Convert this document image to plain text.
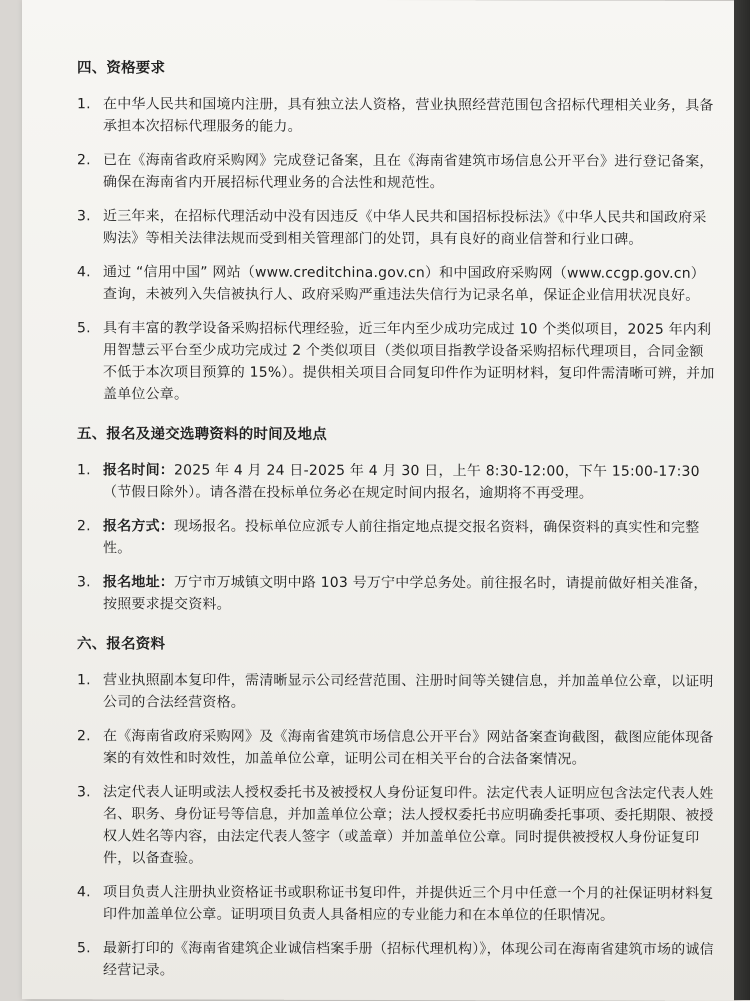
四、资格要求
1. 在中华人民共和国境内注册，具有独立法人资格，营业执照经营范围包含招标代理相关业务，具备承担本次招标代理服务的能力。
2. 已在《海南省政府采购网》完成登记备案，且在《海南省建筑市场信息公开平台》进行登记备案，确保在海南省内开展招标代理业务的合法性和规范性。
3. 近三年来，在招标代理活动中没有因违反《中华人民共和国招标投标法》《中华人民共和国政府采购法》等相关法律法规而受到相关管理部门的处罚，具有良好的商业信誉和行业口碑。
4. 通过 “信用中国” 网站（www.creditchina.gov.cn）和中国政府采购网（www.ccgp.gov.cn）查询，未被列入失信被执行人、政府采购严重违法失信行为记录名单，保证企业信用状况良好。
5. 具有丰富的教学设备采购招标代理经验，近三年内至少成功完成过 10 个类似项目，2025 年内利用智慧云平台至少成功完成过 2 个类似项目（类似项目指教学设备采购招标代理项目，合同金额不低于本次项目预算的 15%）。提供相关项目合同复印件作为证明材料，复印件需清晰可辨，并加盖单位公章。
五、报名及递交选聘资料的时间及地点
1. 报名时间：2025 年 4 月 24 日-2025 年 4 月 30 日，上午 8:30-12:00，下午 15:00-17:30（节假日除外）。请各潜在投标单位务必在规定时间内报名，逾期将不再受理。
2. 报名方式：现场报名。投标单位应派专人前往指定地点提交报名资料，确保资料的真实性和完整性。
3. 报名地址：万宁市万城镇文明中路 103 号万宁中学总务处。前往报名时，请提前做好相关准备，按照要求提交资料。
六、报名资料
1. 营业执照副本复印件，需清晰显示公司经营范围、注册时间等关键信息，并加盖单位公章，以证明公司的合法经营资格。
2. 在《海南省政府采购网》及《海南省建筑市场信息公开平台》网站备案查询截图，截图应能体现备案的有效性和时效性，加盖单位公章，证明公司在相关平台的合法备案情况。
3. 法定代表人证明或法人授权委托书及被授权人身份证复印件。法定代表人证明应包含法定代表人姓名、职务、身份证号等信息，并加盖单位公章；法人授权委托书应明确委托事项、委托期限、被授权人姓名等内容，由法定代表人签字（或盖章）并加盖单位公章。同时提供被授权人身份证复印件，以备查验。
4. 项目负责人注册执业资格证书或职称证书复印件，并提供近三个月中任意一个月的社保证明材料复印件加盖单位公章。证明项目负责人具备相应的专业能力和在本单位的任职情况。
5. 最新打印的《海南省建筑企业诚信档案手册（招标代理机构）》，体现公司在海南省建筑市场的诚信经营记录。
